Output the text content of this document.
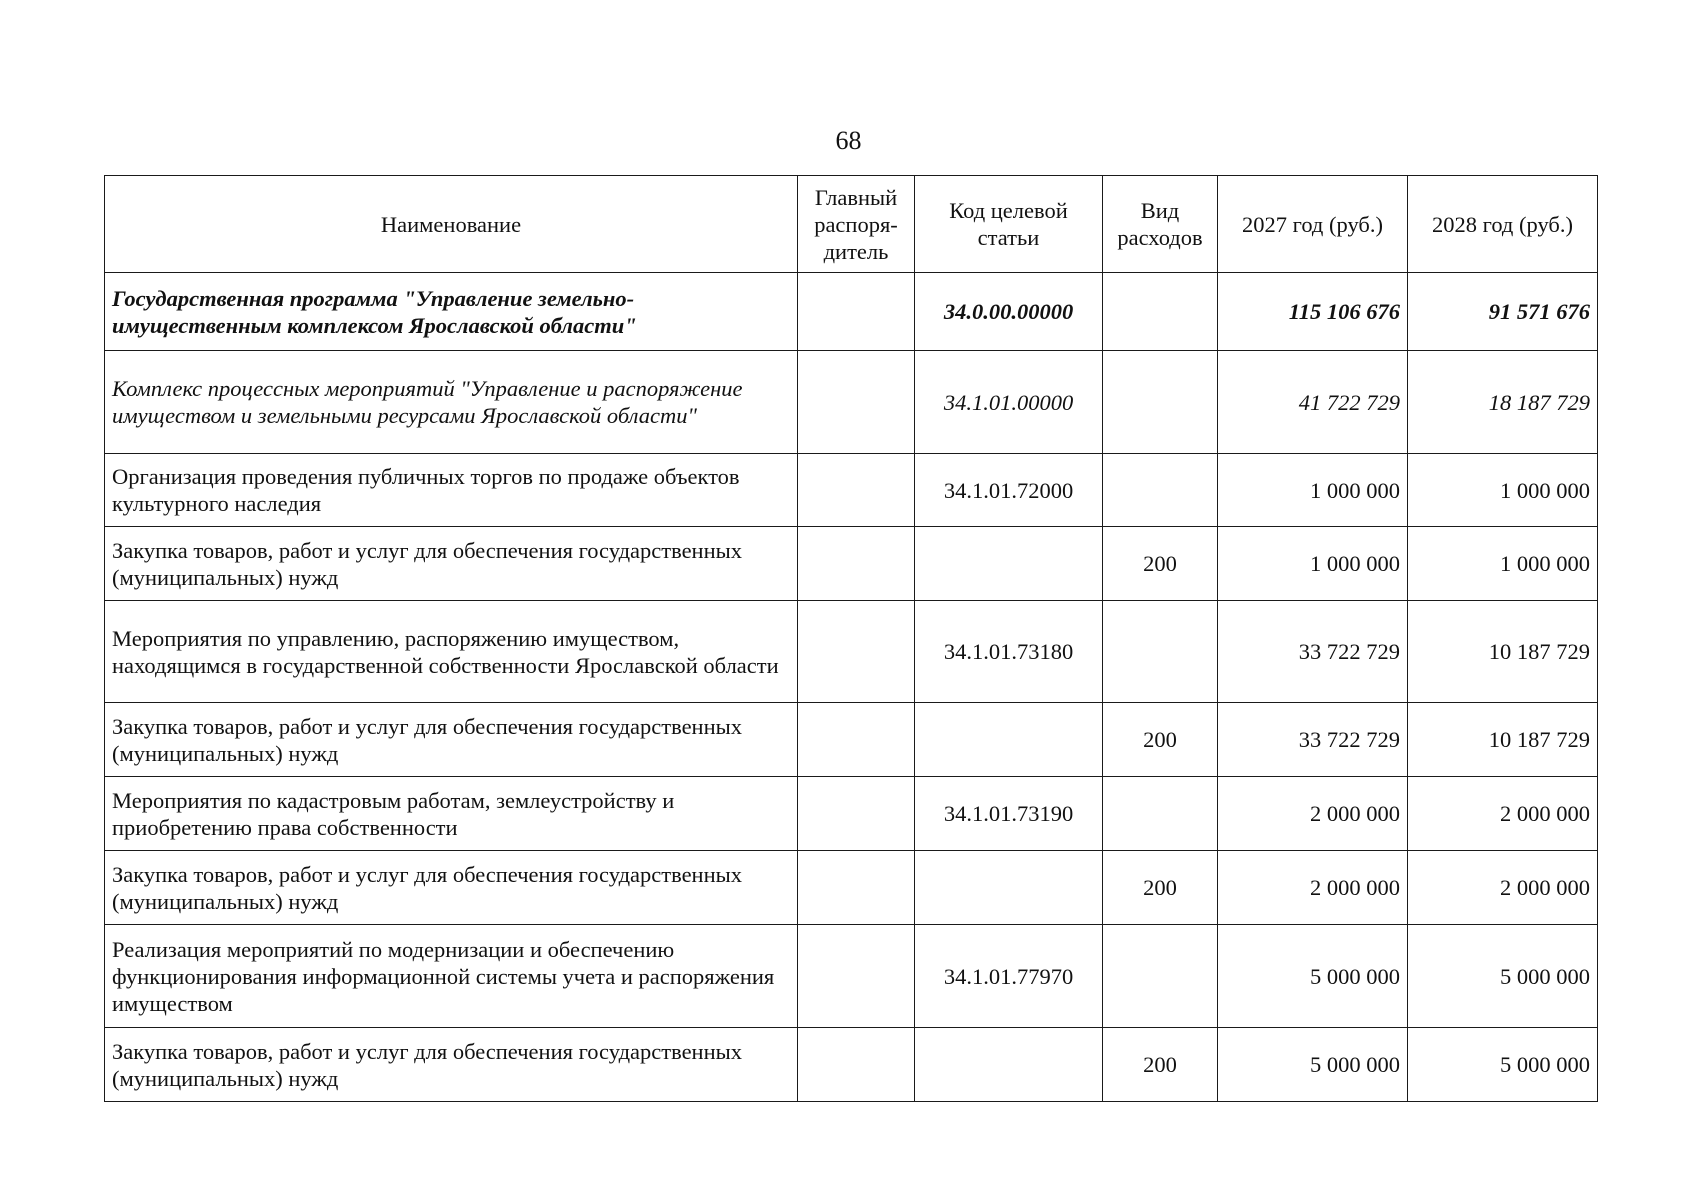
68
Наименование	Главный распоря-дитель	Код целевой статьи	Вид расходов	2027 год (руб.)	2028 год (руб.)
Государственная программа "Управление земельно-имущественным комплексом Ярославской области"		34.0.00.00000		115 106 676	91 571 676
Комплекс процессных мероприятий "Управление и распоряжение имуществом и земельными ресурсами Ярославской области"		34.1.01.00000		41 722 729	18 187 729
Организация проведения публичных торгов по продаже объектов культурного наследия		34.1.01.72000		1 000 000	1 000 000
Закупка товаров, работ и услуг для обеспечения государственных (муниципальных) нужд			200	1 000 000	1 000 000
Мероприятия по управлению, распоряжению имуществом, находящимся в государственной собственности Ярославской области		34.1.01.73180		33 722 729	10 187 729
Закупка товаров, работ и услуг для обеспечения государственных (муниципальных) нужд			200	33 722 729	10 187 729
Мероприятия по кадастровым работам, землеустройству и приобретению права собственности		34.1.01.73190		2 000 000	2 000 000
Закупка товаров, работ и услуг для обеспечения государственных (муниципальных) нужд			200	2 000 000	2 000 000
Реализация мероприятий по модернизации и обеспечению функционирования информационной системы учета и распоряжения имуществом		34.1.01.77970		5 000 000	5 000 000
Закупка товаров, работ и услуг для обеспечения государственных (муниципальных) нужд			200	5 000 000	5 000 000
